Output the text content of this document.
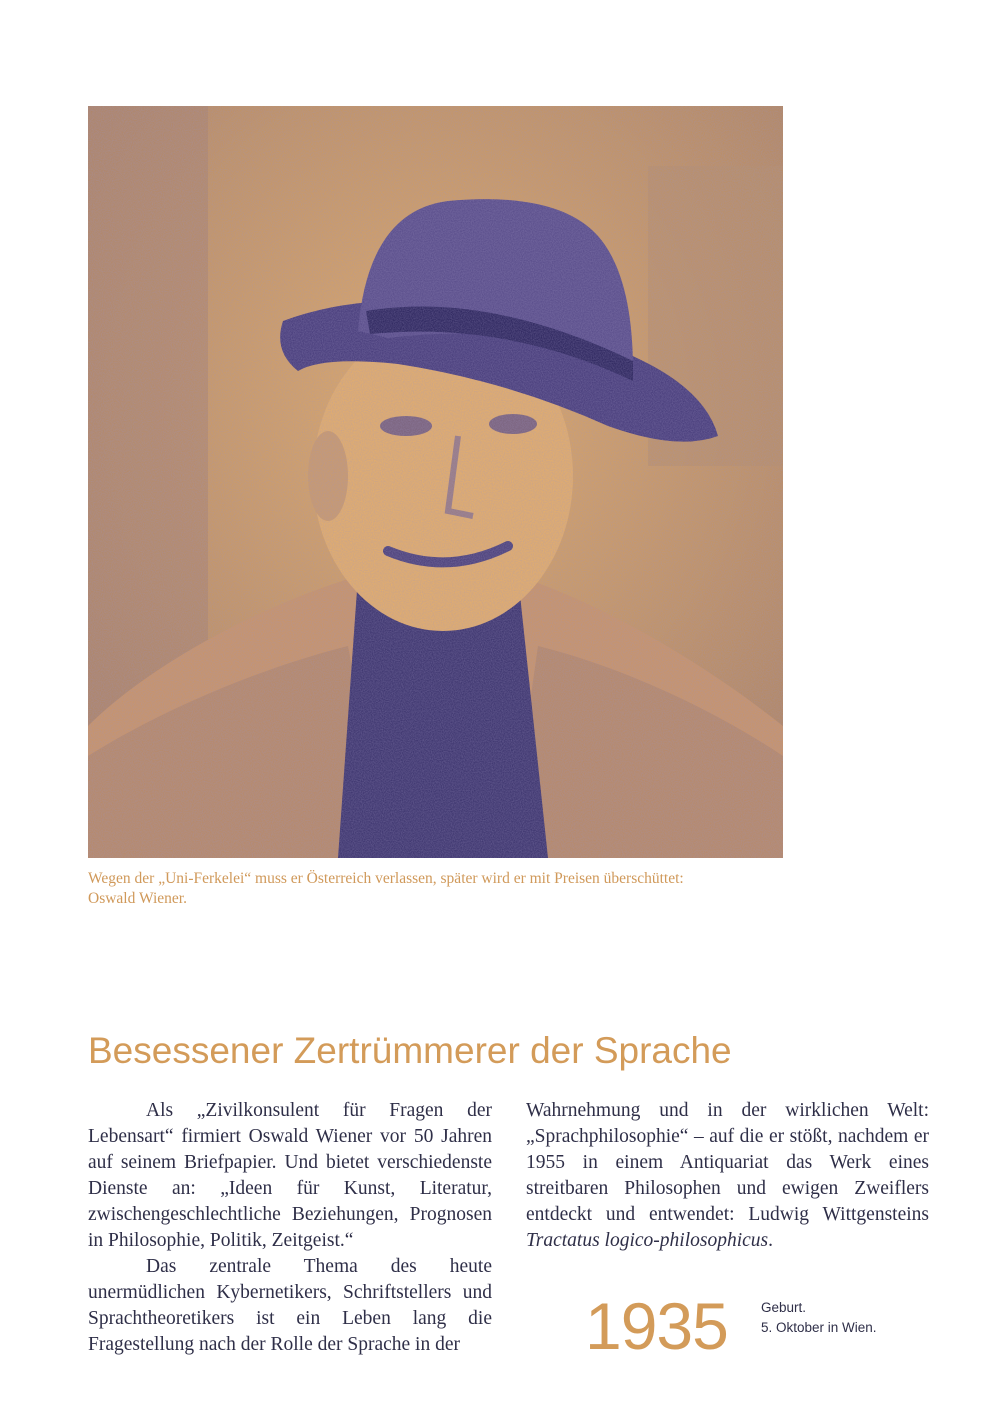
Wegen der „Uni-Ferkelei“ muss er Österreich verlassen, später wird er mit Preisen überschüttet:
Oswald Wiener.
Besessener Zertrümmerer der Sprache

Als „Zivilkonsulent für Fragen der Lebensart“ firmiert Oswald Wiener vor 50 Jahren auf seinem Briefpapier. Und bietet verschiedenste Dienste an: „Ideen für Kunst, Literatur, zwischengeschlechtliche Beziehungen, Prognosen in Philosophie, Politik, Zeitgeist.“

Das zentrale Thema des heute unermüdlichen Kybernetikers, Schriftstellers und Sprachtheoretikers ist ein Leben lang die Fragestellung nach der Rolle der Sprache in der

Wahrnehmung und in der wirklichen Welt: „Sprachphilosophie“ – auf die er stößt, nachdem er 1955 in einem Antiquariat das Werk eines streitbaren Philosophen und ewigen Zweiflers entdeckt und entwendet: Ludwig Wittgensteins Tractatus logico-philosophicus.

1935 Geburt.
5. Oktober in Wien.
